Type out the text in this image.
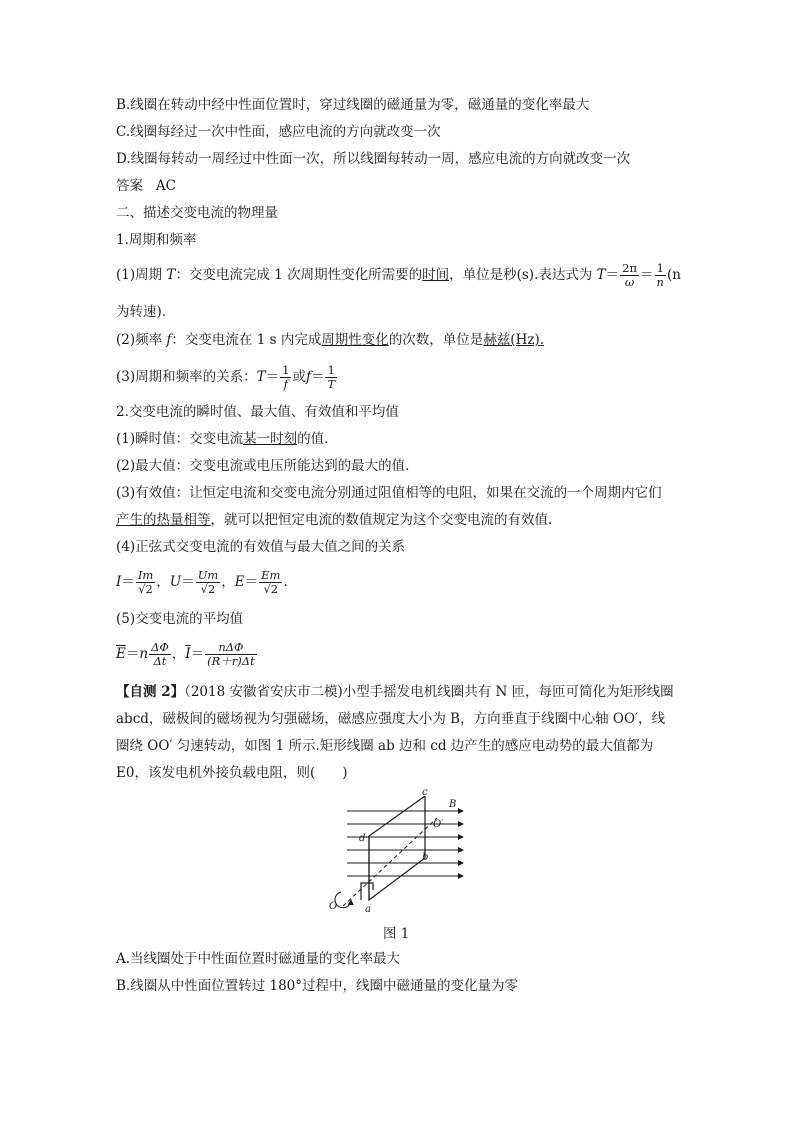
B.线圈在转动中经中性面位置时，穿过线圈的磁通量为零，磁通量的变化率最大
C.线圈每经过一次中性面，感应电流的方向就改变一次
D.线圈每转动一周经过中性面一次，所以线圈每转动一周，感应电流的方向就改变一次
答案 AC
二、描述交变电流的物理量
1.周期和频率
(1)周期 T：交变电流完成 1 次周期性变化所需要的时间，单位是秒(s).表达式为 $T= \frac{2\pi}{\omega} = \frac{1}{n} (n$
为转速).
(2)频率 f：交变电流在 1 s 内完成周期性变化的次数，单位是赫兹(Hz).
(3)周期和频率的关系：$T= \frac{1}{f}$ 或$f= \frac{1}{T}$
2.交变电流的瞬时值、最大值、有效值和平均值
(1)瞬时值：交变电流某一时刻的值.
(2)最大值：交变电流或电压所能达到的最大的值.
(3)有效值：让恒定电流和交变电流分别通过阻值相等的电阻，如果在交流的一个周期内它们
产生的热量相等，就可以把恒定电流的数值规定为这个交变电流的有效值.
(4)正弦式交变电流的有效值与最大值之间的关系
$I= \frac{Im}{√2}$ ，$U= \frac{Um}{√2}$ ，$E= \frac{Em}{√2}$ .
(5)交变电流的平均值
$\overline{E}=n \frac{\Delta\Phi}{\Delta t}$ ，$\overline{I}= \frac{\text{nΔΦ}}{(R+r)\Delta t}$
【自测 2】（2018 安徽省安庆市二模)小型手摇发电机线圈共有 N 匝，每匝可简化为矩形线圈
abcd，磁极间的磁场视为匀强磁场，磁感应强度大小为 B，方向垂直于线圈中心轴 OO′，线
圈绕 OO′ 匀速转动，如图 1 所示.矩形线圈 ab 边和 cd 边产生的感应电动势的最大值都为
E0，该发电机外接负载电阻，则(　　)
c
B
O′
d
b
a
O
图 1
A.当线圈处于中性面位置时磁通量的变化率最大
B.线圈从中性面位置转过 180°过程中，线圈中磁通量的变化量为零
